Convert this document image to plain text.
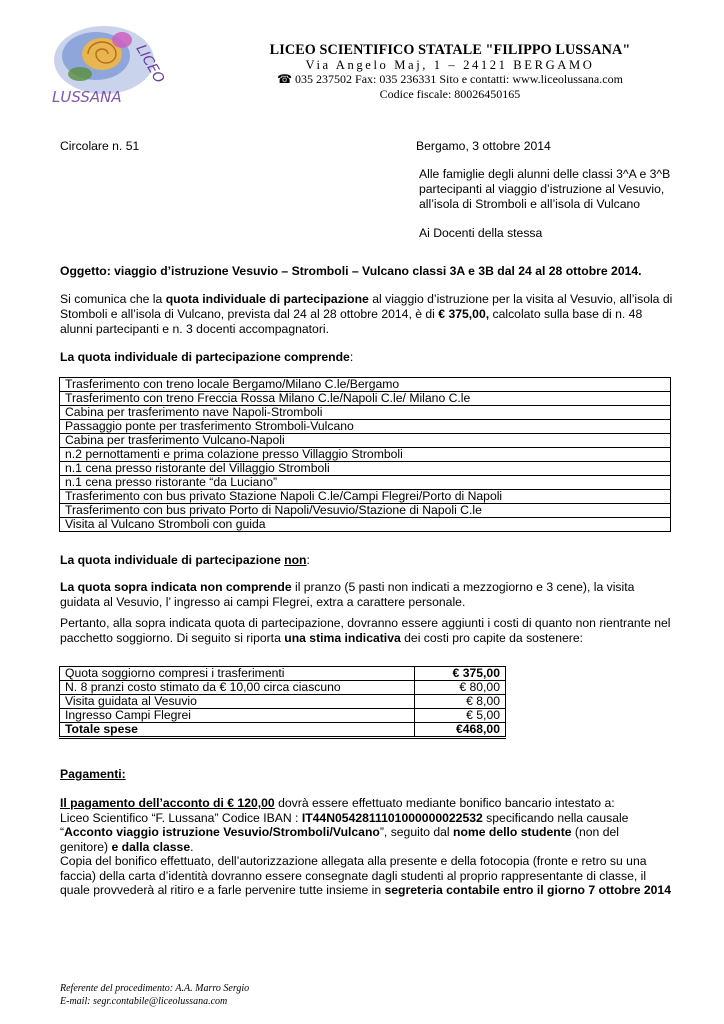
LUSSANA
LICEO	LICEO SCIENTIFICO STATALE "FILIPPO LUSSANA"
Via Angelo Maj, 1 – 24121 BERGAMO
☎ 035 237502 Fax: 035 236331 Sito e contatti: www.liceolussana.com
Codice fiscale: 80026450165
Circolare n. 51	Bergamo, 3 ottobre 2014
Alle famiglie degli alunni delle classi 3^A e 3^B
partecipanti al viaggio d’istruzione al Vesuvio,
all’isola di Stromboli e all’isola di Vulcano
Ai Docenti della stessa
Oggetto: viaggio d’istruzione Vesuvio – Stromboli – Vulcano classi 3A e 3B dal 24 al 28 ottobre 2014.
Si comunica che la quota individuale di partecipazione al viaggio d’istruzione per la visita al Vesuvio, all’isola di
Stomboli e all’isola di Vulcano, prevista dal 24 al 28 ottobre 2014, è di € 375,00, calcolato sulla base di n. 48
alunni partecipanti e n. 3 docenti accompagnatori.
La quota individuale di partecipazione comprende:
Trasferimento con treno locale Bergamo/Milano C.le/Bergamo
Trasferimento con treno Freccia Rossa Milano C.le/Napoli C.le/ Milano C.le
Cabina per trasferimento nave Napoli-Stromboli
Passaggio ponte per trasferimento Stromboli-Vulcano
Cabina per trasferimento Vulcano-Napoli
n.2 pernottamenti e prima colazione presso Villaggio Stromboli
n.1 cena presso ristorante del Villaggio Stromboli
n.1 cena presso ristorante “da Luciano”
Trasferimento con bus privato Stazione Napoli C.le/Campi Flegrei/Porto di Napoli
Trasferimento con bus privato Porto di Napoli/Vesuvio/Stazione di Napoli C.le
Visita al Vulcano Stromboli con guida
La quota individuale di partecipazione non:
La quota sopra indicata non comprende il pranzo (5 pasti non indicati a mezzogiorno e 3 cene), la visita
guidata al Vesuvio, l’ ingresso ai campi Flegrei, extra a carattere personale.
Pertanto, alla sopra indicata quota di partecipazione, dovranno essere aggiunti i costi di quanto non rientrante nel
pacchetto soggiorno. Di seguito si riporta una stima indicativa dei costi pro capite da sostenere:
Quota soggiorno compresi i trasferimenti	€ 375,00
N. 8 pranzi costo stimato da € 10,00 circa ciascuno	€ 80,00
Visita guidata al Vesuvio	€ 8,00
Ingresso Campi Flegrei	€ 5,00
Totale spese	€468,00
Pagamenti:
Il pagamento dell’acconto di € 120,00 dovrà essere effettuato mediante bonifico bancario intestato a:
Liceo Scientifico “F. Lussana” Codice IBAN : IT44N0542811101000000022532 specificando nella causale
“Acconto viaggio istruzione Vesuvio/Stromboli/Vulcano”, seguito dal nome dello studente (non del
genitore) e dalla classe.
Copia del bonifico effettuato, dell’autorizzazione allegata alla presente e della fotocopia (fronte e retro su una
faccia) della carta d’identità dovranno essere consegnate dagli studenti al proprio rappresentante di classe, il
quale provvederà al ritiro e a farle pervenire tutte insieme in segreteria contabile entro il giorno 7 ottobre 2014
Referente del procedimento: A.A. Marro Sergio
E-mail: segr.contabile@liceolussana.com
